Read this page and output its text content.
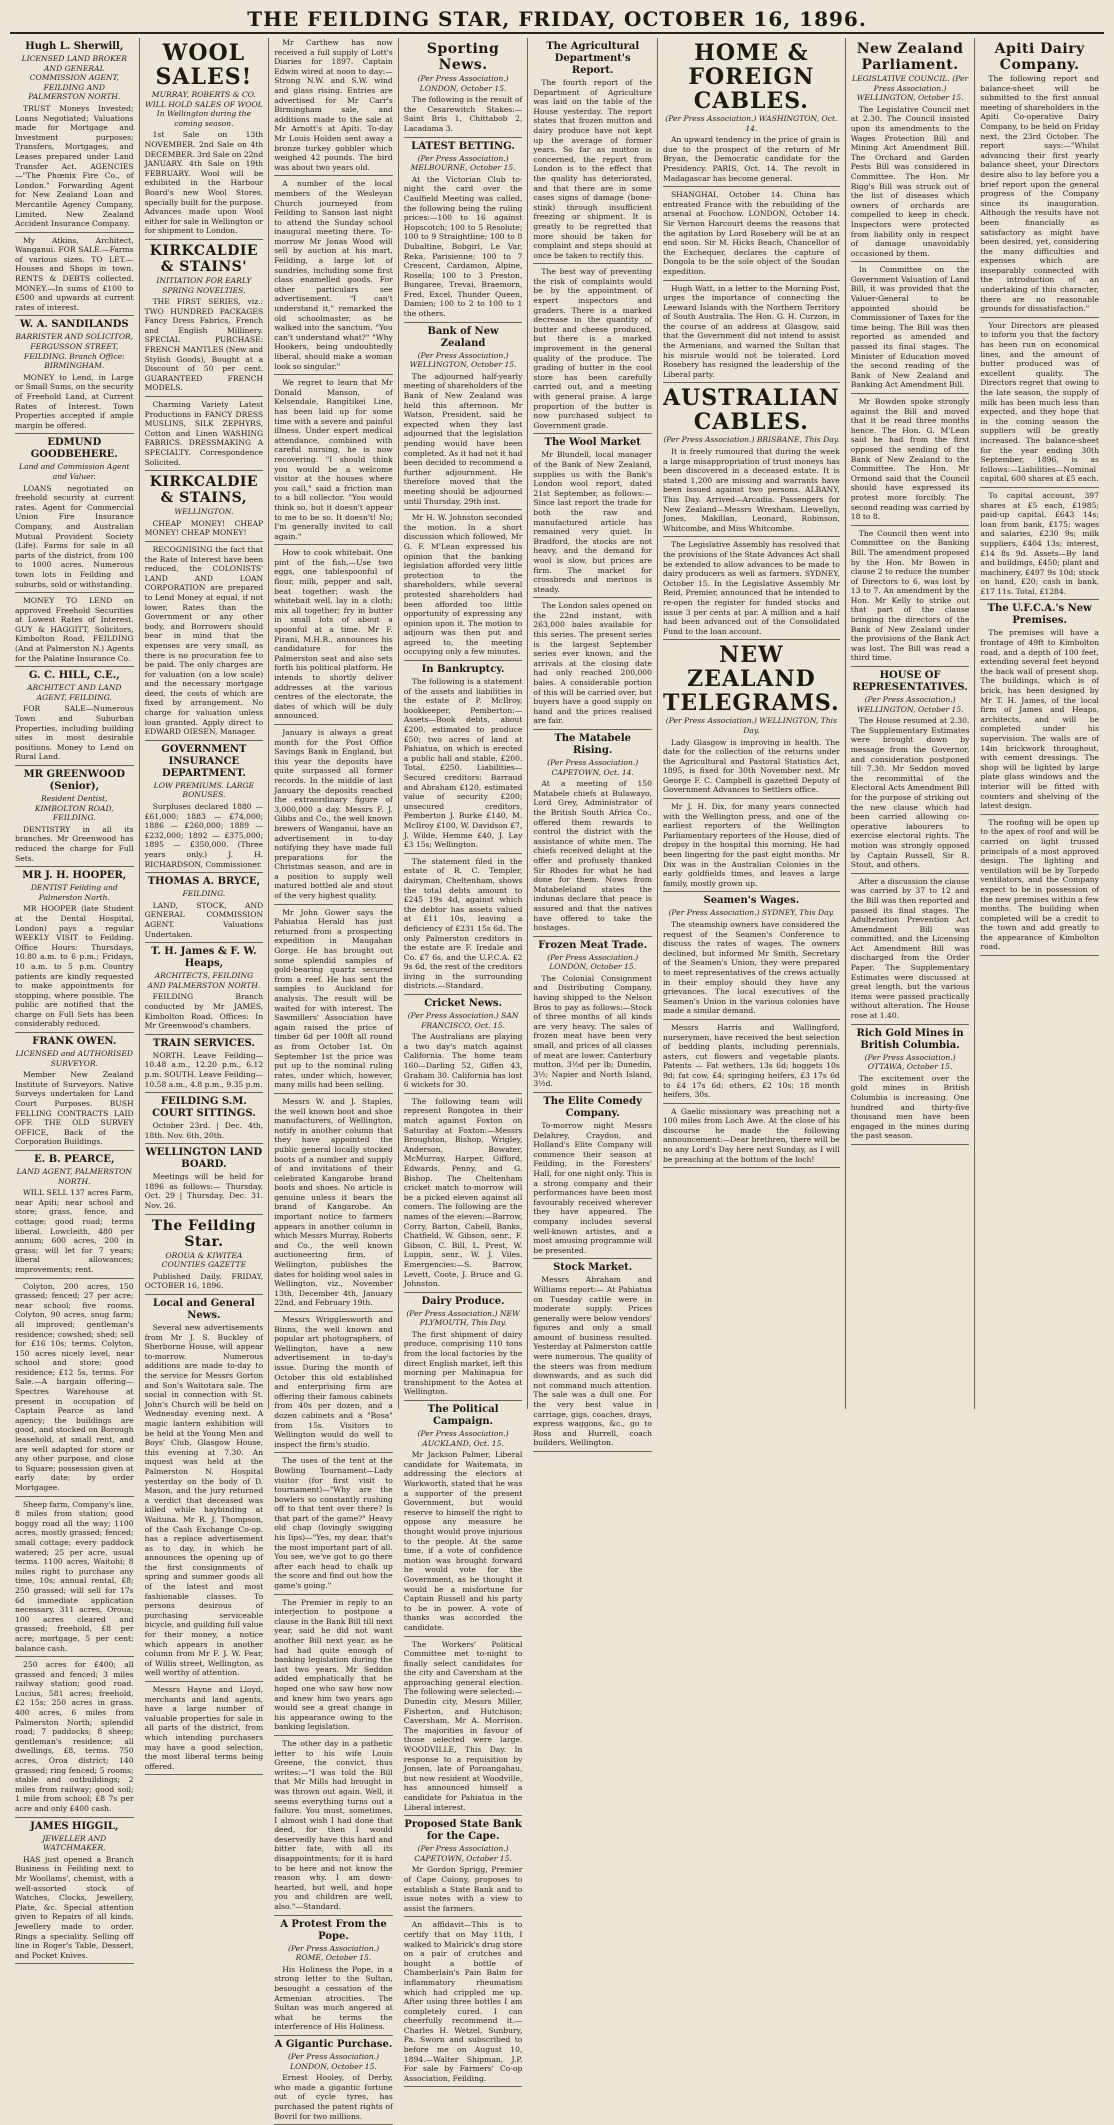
THE FEILDING STAR, FRIDAY, OCTOBER 16, 1896.
Hugh L. Sherwill,
LICENSED LAND BROKER AND GENERAL COMMISSION AGENT, FEILDING AND PALMERSTON NORTH.

TRUST Moneys Invested; Loans Negotiated; Valuations made for Mortgage and Investment purposes; Transfers, Mortgages, and Leases prepared under Land Transfer Act. AGENCIES—"The Phœnix Fire Co., of London." Forwarding Agent for New Zealand Loan and Mercantile Agency Company, Limited. New Zealand Accident Insurance Company.

My Atkins, Architect, Wanganui. FOR SALE.—Farms of various sizes. TO LET.—Houses and Shops in town. RENTS & DEBTS collected. MONEY.—In sums of £100 to £500 and upwards at current rates of interest.

W. A. SANDILANDS
BARRISTER AND SOLICITOR, FERGUSSON STREET, FEILDING. Branch Office: BIRMINGHAM.

MONEY to Lend, in Large or Small Sums, on the security of Freehold Land, at Current Rates of Interest. Town Properties accepted if ample margin be offered.

EDMUND GOODBEHERE.
Land and Commission Agent and Valuer.

LOANS negotiated on freehold security at current rates. Agent for Commercial Union Fire Insurance Company, and Australian Mutual Provident Society (Life). Farms for sale in all parts of the district, from 100 to 1000 acres. Numerous town lots in Feilding and suburbs, sold or withstanding.

MONEY TO LEND on approved Freehold Securities at Lowest Rates of Interest. GUY & HAGGITT, Solicitors, Kimbolton Road, FEILDING (And at Palmerston N.) Agents for the Palatine Insurance Co.

G. C. HILL, C.E.,
ARCHITECT AND LAND AGENT, FEILDING.

FOR SALE—Numerous Town and Suburban Properties, including building sites in most desirable positions. Money to Lend on Rural Land.

MR GREENWOOD (Senior),
Resident Dentist, KIMBOLTON ROAD, FEILDING.

DENTISTRY in all its branches. Mr Greenwood has reduced the charge for Full Sets.

MR J. H. HOOPER,
DENTIST Feilding and Palmerston North.

MR HOOPER (late Student at the Dental Hospital, London) pays a regular WEEKLY VISIT to Feilding. Office Hours: Thursdays, 10.80 a.m. to 6 p.m.; Fridays, 10 a.m. to 5 p.m. Country patients are kindly requested to make appointments for stopping, where possible. The public are notified that the charge on Full Sets has been considerably reduced.

FRANK OWEN.
LICENSED and AUTHORISED SURVEYOR.

Member New Zealand Institute of Surveyors. Native Surveys undertaken for Land Court Purposes. BUSH FELLING CONTRACTS LAID OFF. THE OLD SURVEY OFFICE, Back of the Corporation Buildings.

E. B. PEARCE,
LAND AGENT, PALMERSTON NORTH.

WILL SELL 137 acres Farm, near Apiti; near school and store; grass, fence, and cottage; good road; terms liberal. Lowcleith, 480 per annum; 600 acres, 200 in grass; will let for 7 years; liberal allowances; improvements; rent.

Colyton, 200 acres, 150 grassed; fenced; 27 per acre; near school; five rooms. Colyton, 90 acres, snug farm; all improved; gentleman's residence; cowshed; shed; sell for £16 10s; terms. Colyton, 150 acres nicely level, near school and store; good residence; £12 5s, terms. For Sale.—A bargain offering—Spectres Warehouse at present in occupation of Captain Pearce as land agency; the buildings are good, and stocked on Borough leasehold, at small rent, and are well adapted for store or any other purpose, and close to Square; possession given at early date; by order Mortgagee.

Sheep farm, Company's line, 8 miles from station; good boggy road all the way; 1100 acres, mostly grassed; fenced; small cottage; every paddock watered; 25 per acre, usual terms. 1100 acres, Waitohi; 8 miles right to purchase any time, 10s; annual rental, £8; 250 grassed; will sell for 17s 6d immediate application necessary. 311 acres, Oroua; 100 acres cleared and grassed; freehold, £8 per acre; mortgage, 5 per cent; balance cash.

250 acres for £400; all grassed and fenced; 3 miles railway station; good road. Lucius, 581 acres; freehold, £2 15s; 250 acres in grass. 400 acres, 6 miles from Palmerston North; splendid road; 7 paddocks; 8 sheep; gentleman's residence; all dwellings, £8, terms. 750 acres, Oroa district; 140 grassed; ring fenced; 5 rooms; stable and outbuildings; 2 miles from railway; good soil; 1 mile from school; £8 7s per acre and only £400 cash.

JAMES HIGGIL,
JEWELLER AND WATCHMAKER,

HAS just opened a Branch Business in Feilding next to Mr Woollams', chemist, with a well-assorted stock of Watches, Clocks, Jewellery, Plate, &c. Special attention given to Repairs of all kinds. Jewellery made to order. Rings a speciality. Selling off line in Roger's Table, Dessert, and Pocket Knives.

WOOL SALES!
MURRAY, ROBERTS & CO. WILL HOLD SALES OF WOOL In Wellington during the coming season.

1st Sale on 13th NOVEMBER. 2nd Sale on 4th DECEMBER. 3rd Sale on 22nd JANUARY. 4th Sale on 19th FEBRUARY. Wool will be exhibited in the Harbour Board's new Wool Stores, specially built for the purpose. Advances made upon Wool either for sale in Wellington or for shipment to London.

KIRKCALDIE & STAINS'
INITIATION FOR EARLY SPRING NOVELTIES.

THE FIRST SERIES, viz.: TWO HUNDRED PACKAGES Fancy Dress Fabrics, French and English Millinery. SPECIAL PURCHASE: FRENCH MANTLES (New and Stylish Goods), Bought at a Discount of 50 per cent. GUARANTEED FRENCH MODELS.

Charming Variety Latest Productions in FANCY DRESS MUSLINS, SILK ZEPHYRS, Cotton and Linen WASHING FABRICS. DRESSMAKING A SPECIALTY. Correspondence Solicited.

KIRKCALDIE & STAINS,
WELLINGTON.

CHEAP MONEY! CHEAP MONEY! CHEAP MONEY!

RECOGNISING the fact that the Rate of Interest have been reduced, the COLONISTS' LAND AND LOAN CORPORATION are prepared to Lend Money at equal, if not lower, Rates than the Government or any other body, and Borrowers should bear in mind that the expenses are very small, as there is no procuration fee to be paid. The only charges are for valuation (on a low scale) and the necessary mortgage deed, the costs of which are fixed by arrangement. No charge for valuation unless loan granted. Apply direct to EDWARD OIESEN, Manager.

GOVERNMENT INSURANCE DEPARTMENT.
LOW PREMIUMS. LARGE BONUSES.

Surpluses declared 1880 — £61,000; 1883 — £74,000; 1886 — £260,000; 1889 — £232,000; 1892 — £375,000; 1895 — £350,000. (Three years only.) J. H. RICHARDSON, Commissioner.

THOMAS A. BRYCE,
FEILDING.

LAND, STOCK, AND GENERAL COMMISSION AGENT. Valuations Undertaken.

T. H. James & F. W. Heaps,
ARCHITECTS, FEILDING AND PALMERSTON NORTH.

FEILDING Branch conducted by Mr JAMES, Kimbolton Road. Offices: In Mr Greenwood's chambers.

TRAIN SERVICES.

NORTH. Leave Feilding—10.48 a.m., 12.20 p.m., 6.12 p.m. SOUTH. Leave Feilding—10.58 a.m., 4.8 p.m., 9.35 p.m.

FEILDING S.M. COURT SITTINGS.

October 23rd. | Dec. 4th, 18th. Nov. 6th, 20th.

WELLINGTON LAND BOARD.

Meetings will be held for 1896 as follows:— Thursday, Oct. 29 | Thursday, Dec. 31. Nov. 26.

The Feilding Star.
OROUA & KIWITEA COUNTIES GAZETTE

Published Daily. FRIDAY, OCTOBER 16, 1896.

Local and General News.

Several new advertisements from Mr J. S. Buckley of Sherborne House, will appear to-morrow. Numerous additions are made to-day to the service for Messrs Gorton and Son's Waitotara sale. The social in connection with St. John's Church will be held on Wednesday evening next. A magic lantern exhibition will be held at the Young Men and Boys' Club, Glasgow House, this evening at 7.30. An inquest was held at the Palmerston N. Hospital yesterday on the body of D. Mason, and the jury returned a verdict that deceased was killed while haybinding at Waituna. Mr R. J. Thompson, of the Cash Exchange Co-op. has a replace advertisement as to day, in which he announces the opening up of the first consignments of spring and summer goods all of the latest and most fashionable classes. To persons desirous of purchasing serviceable bicycle, and guilding full value for their money, a notice which appears in another column from Mr F. J. W. Fear, of Willis street, Wellington, as well worthy of attention.

Messrs Hayne and Lloyd, merchants and land agents, have a large number of valuable properties for sale in all parts of the district, from which intending purchasers may have a good selection, the most liberal terms being offered.

Mr Carthew has now received a full supply of Lott's Diaries for 1897. Captain Edwin wired at noon to day:—Strong N.W. and S.W. wind and glass rising. Entries are advertised for Mr Carr's Birmingham sale, and additions made to the sale at Mr Arnott's at Apiti. To-day Mr Louis Holden sent away a bronze turkey gobbler which weighed 42 pounds. The bird was about two years old.

A number of the local members of the Wesleyan Church journeyed from Feilding to Sanson last night to attend the Sunday school inaugural meeting there. To-morrow Mr Jonas Wood will sell by auction at his mart, Feilding, a large lot of sundries, including some first class enamelled goods. For other particulars see advertisement. "I can't understand it," remarked the old schoolmaster, as he walked into the sanctum. "You can't understand what?" "Why Hookers, being undoubtedly liberal, should make a woman look so singular."

We regret to learn that Mr Donald Manson, of Kelsendale, Rangitikei Line, has been laid up for some time with a severe and painful illness. Under expert medical attendance, combined with careful nursing, he is now recovering. "I should think you would be a welcome visitor at the houses where you call," said a friction man to a bill collector. "You would think so, but it doesn't appear to me to be so. It doesn't! No; I'm generally invited to call again."

How to cook whitebait. One pint of the fish,—Use two eggs, one tablespoonful of flour, milk, pepper and salt, beat together; wash the whitebait well, lay in a cloth; mix all together; fry in butter in small lots of about a spoonful at a time. Mr F. Pirani, M.H.R., announces his candidature for the Palmerston seat and also sets forth his political platform. He intends to shortly deliver addresses at the various centres of the electorate, the dates of which will be duly announced.

January is always a great month for the Post Office Savings Bank in England, but this year the deposits have quite surpassed all former records. In the middle of last January the deposits reached the extraordinary figure of 3,000,000 a day. Messrs F. J. Gibbs and Co., the well known brewers of Wanganui, have an advertisement in to-day notifying they have made full preparations for the Christmas season, and are in a position to supply well matured bottled ale and stout of the very highest quality.

Mr John Gower says the Pahiatua Herald has just returned from a prospecting expedition in Maugahan Gorge. He has brought out some splendid samples of gold-bearing quartz secured from a reef. He has sent the samples to Auckland for analysis. The result will be waited for with interest. The Sawmillers' Association have again raised the price of timber 6d per 100ft all round as from October 1st. On September 1st the price was put up to the nominal ruling rates, under which, however, many mills had been selling.

Messrs W. and J. Staples, the well known boot and shoe manufacturers, of Wellington, notify in another column that they have appointed the public general locally stocked boots of a number and supply of and invitations of their celebrated Kangarobe brand boots and shoes. No article is genuine unless it bears the brand of Kangarobe. An important notice to farmers appears in another column in which Messrs Murray, Roberts and Co., the well known auctioneering firm, of Wellington, publishes the dates for holding wool sales in Wellington, viz., November 13th, December 4th, January 22nd, and February 19th.

Messrs Wrigglesworth and Binns, the well known and popular art photographers, of Wellington, have a new advertisement in to-day's issue. During the month of October this old established and enterprising firm are offering their famous cabinets from 40s per dozen, and a dozen cabinets and a "Rosa" from 15s. Visitors to Wellington would do well to inspect the firm's studio.

The uses of the tent at the Bowling Tournament—Lady visitor (for first visit to tournament)—"Why are the bowlers so constantly rushing off to that tent over there? Is that part of the game?" Heavy old chap (lovingly swigging his lips)—"Yes, my dear, that's the most important part of all. You see, we've got to go there after each head to chalk up the score and find out how the game's going."

The Premier in reply to an interjection to postpone a clause in the Bank Bill till next year, said he did not want another Bill next year, as he had had quite enough of banking legislation during the last two years. Mr Seddon added emphatically that he hoped one who saw how now and knew him two years ago would see a great change in his appearance owing to the banking legislation.

The other day in a pathetic letter to his wife Louis Greene, the convict, thus writes:—"I was told the Bill that Mr Mills had brought in was thrown out again. Well, it seems everything turns out a failure. You must, sometimes, I almost wish I had done that deed, for then I would deservedly have this hard and bitter fate, with all its disappointments; for it is hard to be here and not know the reason why. I am down-hearted, but well, and hope you and children are well, also."—Standard.

A Protest From the Pope.
(Per Press Association.) ROME, October 15.

His Holiness the Pope, in a strong letter to the Sultan, besought a cessation of the Armenian atrocities. The Sultan was much angered at what he terms the interference of His Holiness.

A Gigantic Purchase.
(Per Press Association.) LONDON, October 15.

Ernest Hooley, of Derby, who made a gigantic fortune out of cycle tyres, has purchased the patent rights of Bovril for two millions.

Sporting News.
(Per Press Association.) LONDON, October 15.

The following is the result of the Cesarewitch Stakes:—Saint Bris 1, Chittabob 2, Lacadama 3.

LATEST BETTING.
(Per Press Association.) MELBOURNE, October 15.

At the Victorian Club to-night the card over the Caulfield Meeting was called, the following being the ruling prices:—100 to 16 against Hopscotch; 100 to 5 Resolute; 100 to 9 Straightline; 100 to 8 Dubaltine, Bobgirl, Le Var, Reka, Parisienne; 100 to 7 Crescent, Cardamon, Alpine, Rosella; 100 to 3 Preston, Bungaree, Trevai, Braemorn, Fred, Excel, Thunder Queen, Damien; 100 to 2 to 100 to 1 the others.

Bank of New Zealand
(Per Press Association.) WELLINGTON, October 15.

The adjourned half-yearly meeting of shareholders of the Bank of New Zealand was held this afternoon. Mr Watson, President, said he expected when they last adjourned that the legislation pending would have been completed. As it had not it had been decided to recommend a further adjournment. He therefore moved that the meeting should be adjourned until Thursday, 29th inst.

Mr H. W. Johnston seconded the motion. In a short discussion which followed, Mr G. F. M'Lean expressed his opinion that the banking legislation afforded very little protection to the shareholders, while several protested shareholders had been afforded too little opportunity of expressing any opinion upon it. The motion to adjourn was then put and agreed to, the meeting occupying only a few minutes.

In Bankruptcy.

The following is a statement of the assets and liabilities in the estate of P. McIlroy, bookkeeper, Pemberton:—Assets—Book debts, about £200, estimated to produce £50; two acres of land at Pahiatua, on which is erected a public hall and stable, £200. Total, £250. Liabilities—Secured creditors: Barraud and Abraham £120, estimated value of security £200; unsecured creditors, Pemberton J. Burke £140, M. McIlroy £100, W. Davidson £7, J. Wilde, Hemme £40, J. Lay £3 15s; Wellington.

The statement filed in the estate of R. C. Templer, dairyman, Cheltenham, shows the total debts amount to £245 19s 4d, against which the debtor has assets valued at £11 10s, leaving a deficiency of £231 15s 6d. The only Palmerston creditors in the estate are F. Iredale and Co. £7 6s, and the U.F.C.A. £2 9s 6d, the rest of the creditors living in the surrounding districts.—Standard.

Cricket News.
(Per Press Association.) SAN FRANCISCO, Oct. 15.

The Australians are playing a two day's match against California. The home team 160—Darling 52, Giffen 43, Graham 30. California has lost 6 wickets for 30.

The following team will represent Rongotea in their match against Foxton on Saturday at Foxton:—Messrs Broughton, Bishop, Wrigley, Anderson, Bowater, McMurray, Harper, Gifford, Edwards, Penny, and G. Bishop. The Cheltenham cricket match to-morrow will be a picked eleven against all comers. The following are the names of the eleven:—Barrow, Corry, Barton, Cabell, Banks, Chatfield, W. Gibson, senr., F. Gibson, C. Bill, L. Prest, W. Luppin, senr., W. J. Viles. Emergencies:—S. Barrow, Levett, Coote, J. Bruce and G. Johnston.

Dairy Produce.
(Per Press Association.) NEW PLYMOUTH, This Day.

The first shipment of dairy produce, comprising 110 tons from the local factories by the direct English market, left this morning per Mahinapua for transhipment to the Aotea at Wellington.

The Political Campaign.
(Per Press Association.) AUCKLAND, Oct. 15.

Mr Jackson Palmer, Liberal candidate for Waitemata, in addressing the electors at Warkworth, stated that he was a supporter of the present Government, but would reserve to himself the right to oppose any measure he thought would prove injurious to the people. At the same time, if a vote of confidence motion was brought forward he would vote for the Government, as he thought it would be a misfortune for Captain Russell and his party to be in power. A vote of thanks was accorded the candidate.

The Workers' Political Committee met to-night to finally select candidates for the city and Caversham at the approaching general election. The following were selected:—Dunedin city, Messrs Miller, Fisherton, and Hutchison; Caversham, Mr A. Morrison. The majorities in favour of those selected were large. WOODVILLE, This Day. In response to a requisition by Jonsen, late of Poroangahau, but now resident at Woodville, has announced himself a candidate for Pahiatua in the Liberal interest.

Proposed State Bank for the Cape.
(Per Press Association.) CAPETOWN, October 15.

Mr Gordon Sprigg, Premier of Cape Colony, proposes to establish a State Bank and to issue notes with a view to assist the farmers.

An affidavit—This is to certify that on May 11th, I walked to Malrick's drug store on a pair of crutches and bought a bottle of Chamberlain's Pain Balm for inflammatory rheumatism which had crippled me up. After using three bottles I am completely cured. I can cheerfully recommend it.—Charles H. Wetzel, Sunbury, Pa. Sworn and subscribed to before me on August 10, 1894.—Walter Shipman, J.P. For sale by Farmers' Co-op Association, Feilding.

The Agricultural Department's Report.

The fourth report of the Department of Agriculture was laid on the table of the House yesterday. The report states that frozen mutton and dairy produce have not kept up the average of former years. So far as mutton is concerned, the report from London is to the effect that the quality has deteriorated, and that there are in some cases signs of damage (bone-stink) through insufficient freezing or shipment. It is greatly to be regretted that more should be taken for complaint and steps should at once be taken to rectify this.

The best way of preventing the risk of complaints would be by the appointment of expert inspectors and graders. There is a marked decrease in the quantity of butter and cheese produced, but there is a marked improvement in the general quality of the produce. The grading of butter in the cool store has been carefully carried out, and a meeting with general praise. A large proportion of the butter is now purchased subject to Government grade.

The Wool Market

Mr Blundell, local manager of the Bank of New Zealand, supplies us with the Bank's London wool report, dated 21st September, as follows:—Since last report the trade for both the raw and manufactured article has remained very quiet. In Bradford, the stocks are not heavy, and the demand for wool is slow, but prices are firm. The market for crossbreds and merinos is steady.

The London sales opened on the 22nd instant, with 263,000 bales available for this series. The present series is the largest September series ever known, and the arrivals at the closing date had only reached 200,000 bales. A considerable portion of this will be carried over, but buyers have a good supply on hand and the prices realised are fair.

The Matabele Rising.
(Per Press Association.) CAPETOWN, Oct. 14.

At a meeting of 150 Matabele chiefs at Bulawayo, Lord Grey, Administrator of the British South Africa Co., offered them rewards to control the district with the assistance of white men. The chiefs received delight at the offer and profusely thanked Sir Rhodes for what he had done for them. Nows from Matabeleland states the indunas declare that peace is assured and that the natives have offered to take the hostages.

Frozen Meat Trade.
(Per Press Association.) LONDON, October 15.

The Colonial Consignment and Distributing Company, having shipped to the Nelson Bros to pay as follows:—Stock of three months of all kinds are very heavy. The sales of frozen meat have been very small, and prices of all classes of meat are lower. Canterbury mutton, 3½d per lb; Dunedin, 3½; Napier and North Island, 3½d.

The Elite Comedy Company.

To-morrow night Messrs Delahrey, Craydon, and Holland's Elite Company will commence their season at Feilding, in the Foresters' Hall, for one night only. This is a strong company and their performances have been most favourably received wherever they have appeared. The company includes several well-known artistes, and a most amusing programme will be presented.

Stock Market.

Messrs Abraham and Williams report:— At Pahiatua on Tuesday cattle were in moderate supply. Prices generally were below vendors' figures and only a small amount of business resulted. Yesterday at Palmerston cattle were numerous. The quality of the steers was from medium downwards, and as such did not command much attention. The sale was a dull one. For the very best value in carriage, gigs, coaches, drays, express waggons, &c., go to Ross and Hurrell, coach builders, Wellington.

HOME & FOREIGN CABLES.
(Per Press Association.) WASHINGTON, Oct. 14.

An upward tendency in the price of grain is due to the prospect of the return of Mr Bryan, the Democratic candidate for the Presidency. PARIS, Oct. 14. The revolt in Madagascar has become general.

SHANGHAI, October 14. China has entreated France with the rebuilding of the arsenal at Foochow. LONDON, October 14. Sir Vernon Harcourt deems the reasons that the agitation by Lord Rosebery will be at an end soon. Sir M. Hicks Beach, Chancellor of the Exchequer, declares the capture of Dongola to be the sole object of the Soudan expedition.

Hugh Watt, in a letter to the Morning Post, urges the importance of connecting the Leeward Islands with the Northern Territory of South Australia. The Hon. G. H. Curzon, in the course of an address at Glasgow, said that the Government did not intend to assist the Armenians, and warned the Sultan that his misrule would not be tolerated. Lord Rosebery has resigned the leadership of the Liberal party.

AUSTRALIAN CABLES.
(Per Press Association.) BRISBANE, This Day.

It is freely rumoured that during the week a large misappropriation of trust moneys has been discovered in a deceased estate. It is stated 1,200 are missing and warrants have been issued against two persons. ALBANY, This Day. Arrived—Arcadia. Passengers for New Zealand—Messrs Wrexham, Llewellyn, Jones, Makillan, Leonard, Robinson, Whitcombe, and Miss Whitcombe.

The Legislative Assembly has resolved that the provisions of the State Advances Act shall be extended to allow advances to be made to dairy producers as well as farmers. SYDNEY, October 15. In the Legislative Assembly Mr Reid, Premier, announced that he intended to re-open the register for funded stocks and issue 3 per cents at par. A million and a half had been advanced out of the Consolidated Fund to the loan account.

NEW ZEALAND TELEGRAMS.
(Per Press Association.) WELLINGTON, This Day.

Lady Glasgow is improving in health. The date for the collection of the returns under the Agricultural and Pastoral Statistics Act, 1895, is fixed for 30th November next. Mr George F. C. Campbell is gazetted Deputy of Government Advances to Settlers office.

Mr J. H. Dix, for many years connected with the Wellington press, and one of the earliest reporters of the Wellington Parliamentary reporters of the House, died of dropsy in the hospital this morning. He had been lingering for the past eight months. Mr Dix was in the Australian Colonies in the early goldfields times, and leaves a large family, mostly grown up.

Seamen's Wages.
(Per Press Association.) SYDNEY, This Day.

The steamship owners have considered the request of the Seamen's Conference to discuss the rates of wages. The owners declined, but informed Mr Smith, Secretary of the Seamen's Union, they were prepared to meet representatives of the crews actually in their employ should they have any grievances. The local executives of the Seamen's Union in the various colonies have made a similar demand.

Messrs Harris and Wallingford, nurserymen, have received the best selection of bedding plants, including perennials, asters, cut flowers and vegetable plants. Patents — Fat wethers, 13s 6d; hoggets 10s 9d; fat cow, £4; springing heifers, £3 17s 6d to £4 17s 6d; others, £2 10s; 18 month heifers, 30s.

A Gaelic missionary was preaching not a 100 miles from Loch Awe. At the close of his discourse he made the following announcement:—Dear brethren, there will be no any Lord's Day here next Sunday, as I will be preaching at the bottom of the loch!

New Zealand Parliament.
LEGISLATIVE COUNCIL. (Per Press Association.) WELLINGTON, October 15.

The Legislative Council met at 2.30. The Council insisted upon its amendments to the Wages Protection Bill and Mining Act Amendment Bill. The Orchard and Garden Pests Bill was considered in Committee. The Hon. Mr Rigg's Bill was struck out of the list of diseases which owners of orchards are compelled to keep in check. Inspectors were protected from liability only in respect of damage unavoidably occasioned by them.

In Committee on the Government Valuation of Land Bill, it was provided that the Valuer-General to be appointed should be Commissioner of Taxes for the time being. The Bill was then reported as amended and passed its final stages. The Minister of Education moved the second reading of the Bank of New Zealand and Banking Act Amendment Bill.

Mr Bowden spoke strongly against the Bill and moved that it be read three months hence. The Hon. G. M'Lean said he had from the first opposed the sending of the Bank of New Zealand to the Committee. The Hon. Mr Ormond said that the Council should have expressed its protest more forcibly. The second reading was carried by 18 to 8.

The Council then went into Committee on the Banking Bill. The amendment proposed by the Hon. Mr Bowen in clause 2 to reduce the number of Directors to 6, was lost by 13 to 7. An amendment by the Hon. Mr Kelly to strike out that part of the clause bringing the directors of the Bank of New Zealand under the provisions of the Bank Act was lost. The Bill was read a third time.

HOUSE OF REPRESENTATIVES.
(Per Press Association.) WELLINGTON, October 15.

The House resumed at 2.30. The Supplementary Estimates were brought down by message from the Governor, and consideration postponed till 7.30. Mr Seddon moved the recommittal of the Electoral Acts Amendment Bill for the purpose of striking out the new clause which had been carried allowing co-operative labourers to exercise electoral rights. The motion was strongly opposed by Captain Russell, Sir R. Stout, and others.

After a discussion the clause was carried by 37 to 12 and the Bill was then reported and passed its final stages. The Adulteration Prevention Act Amendment Bill was committed, and the Licensing Act Amendment Bill was discharged from the Order Paper. The Supplementary Estimates were discussed at great length, but the various items were passed practically without alteration. The House rose at 1.40.

Rich Gold Mines in British Columbia.
(Per Press Association.) OTTAWA, October 15.

The excitement over the gold mines in British Columbia is increasing. One hundred and thirty-five thousand men have been engaged in the mines during the past season.

Apiti Dairy Company.

The following report and balance-sheet will be submitted to the first annual meeting of shareholders in the Apiti Co-operative Dairy Company, to be held on Friday next, the 23rd October. The report says:—"Whilst advancing their first yearly balance sheet, your Directors desire also to lay before you a brief report upon the general progress of the Company since its inauguration. Although the results have not been financially as satisfactory as might have been desired, yet, considering the many difficulties and expenses which are inseparably connected with the introduction of an undertaking of this character, there are no reasonable grounds for dissatisfaction."

Your Directors are pleased to inform you that the factory has been run on economical lines, and the amount of butter produced was of excellent quality. The Directors regret that owing to the late season, the supply of milk has been much less than expected, and they hope that in the coming season the suppliers will be greatly increased. The balance-sheet for the year ending 30th September, 1896, is as follows:—Liabilities—Nominal capital, 600 shares at £5 each.

To capital account, 397 shares at £5 each, £1985; paid-up capital, £643 14s; loan from bank, £175; wages and salaries, £230 9s; milk suppliers, £404 13s; interest, £14 8s 9d. Assets—By land and buildings, £450; plant and machinery, £497 9s 10d; stock on hand, £20; cash in bank, £17 11s. Total, £1284.

The U.F.C.A.'s New Premises.

The premises will have a frontage of 49ft to Kimbolton road, and a depth of 100 feet, extending several feet beyond the back wall of present shop. The buildings, which is of brick, has been designed by Mr T. H. James, of the local firm of James and Heaps, architects, and will be completed under his supervision. The walls are of 14in brickwork throughout, with cement dressings. The shop will be lighted by large plate glass windows and the interior will be fitted with counters and shelving of the latest design.

The roofing will be open up to the apex of roof and will be carried on light trussed principals of a most approved design. The lighting and ventilation will be by Torpedo ventilators, and the Company expect to be in possession of the new premises within a few months. The building when completed will be a credit to the town and add greatly to the appearance of Kimbolton road.
